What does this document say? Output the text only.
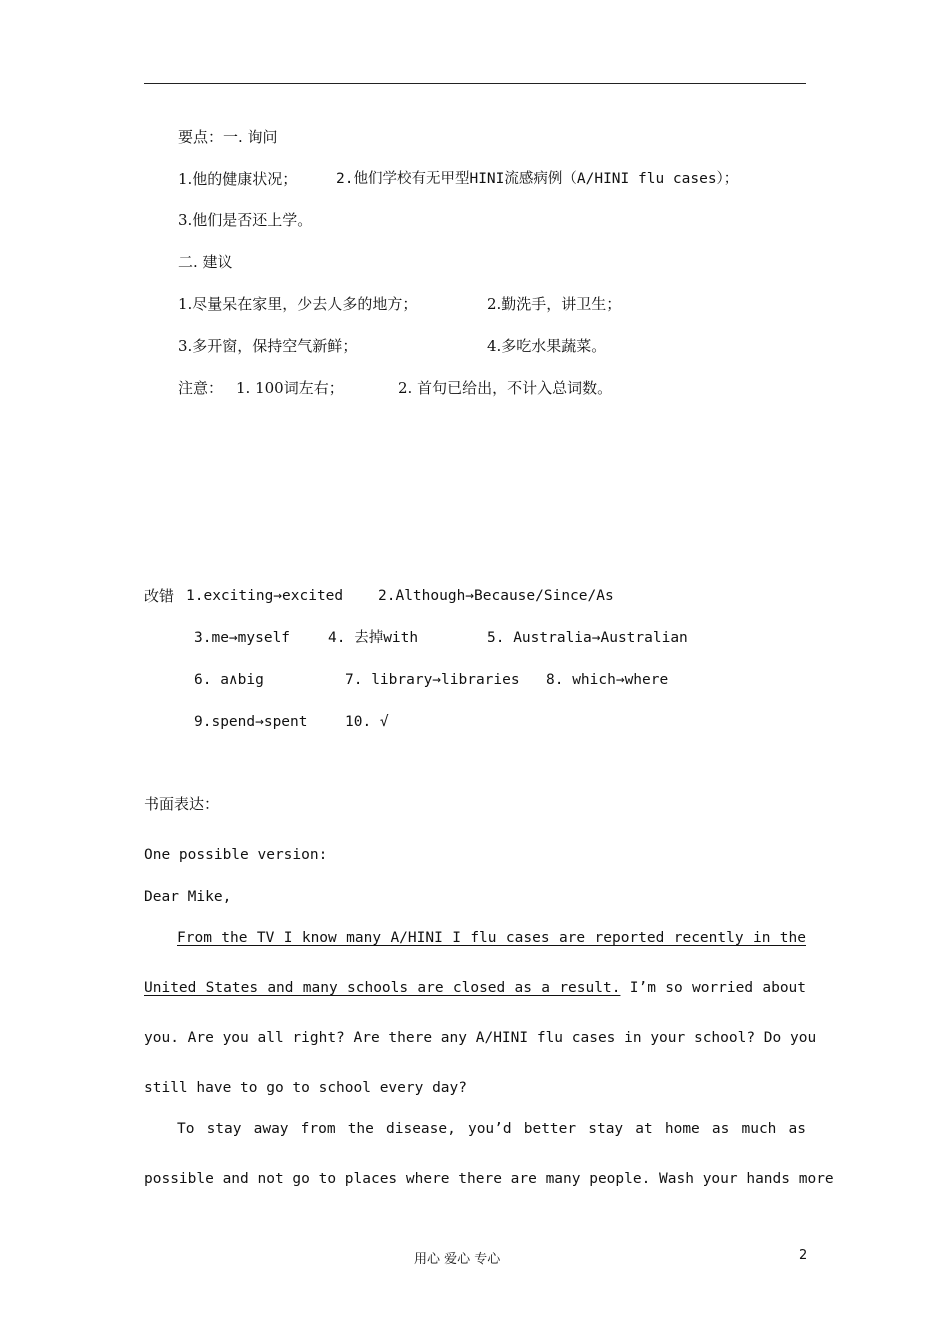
要点：一. 询问
1.他的健康状况；	2.他们学校有无甲型HINI流感病例（A/HINI flu cases）；
3.他们是否还上学。
二. 建议
1.尽量呆在家里，少去人多的地方；	2.勤洗手，讲卫生；
3.多开窗，保持空气新鲜；	4.多吃水果蔬菜。
注意： 1. 100词左右；	2. 首句已给出，不计入总词数。
改错 1.exciting→excited 2.Although→Because/Since/As
3.me→myself	4. 去掉with	5. Australia→Australian
6. a∧big	7. library→libraries 8. which→where
9.spend→spent	10. √
书面表达：
One possible version:
Dear Mike,
From the TV I know many A/HINI I flu cases are reported recently in the
United States and many schools are closed as a result. I’m so worried about
you. Are you all right? Are there any A/HINI flu cases in your school? Do you
still have to go to school every day?
To stay away from the disease, you’d better stay at home as much as
possible and not go to places where there are many people. Wash your hands more
用心 爱心 专心	2
